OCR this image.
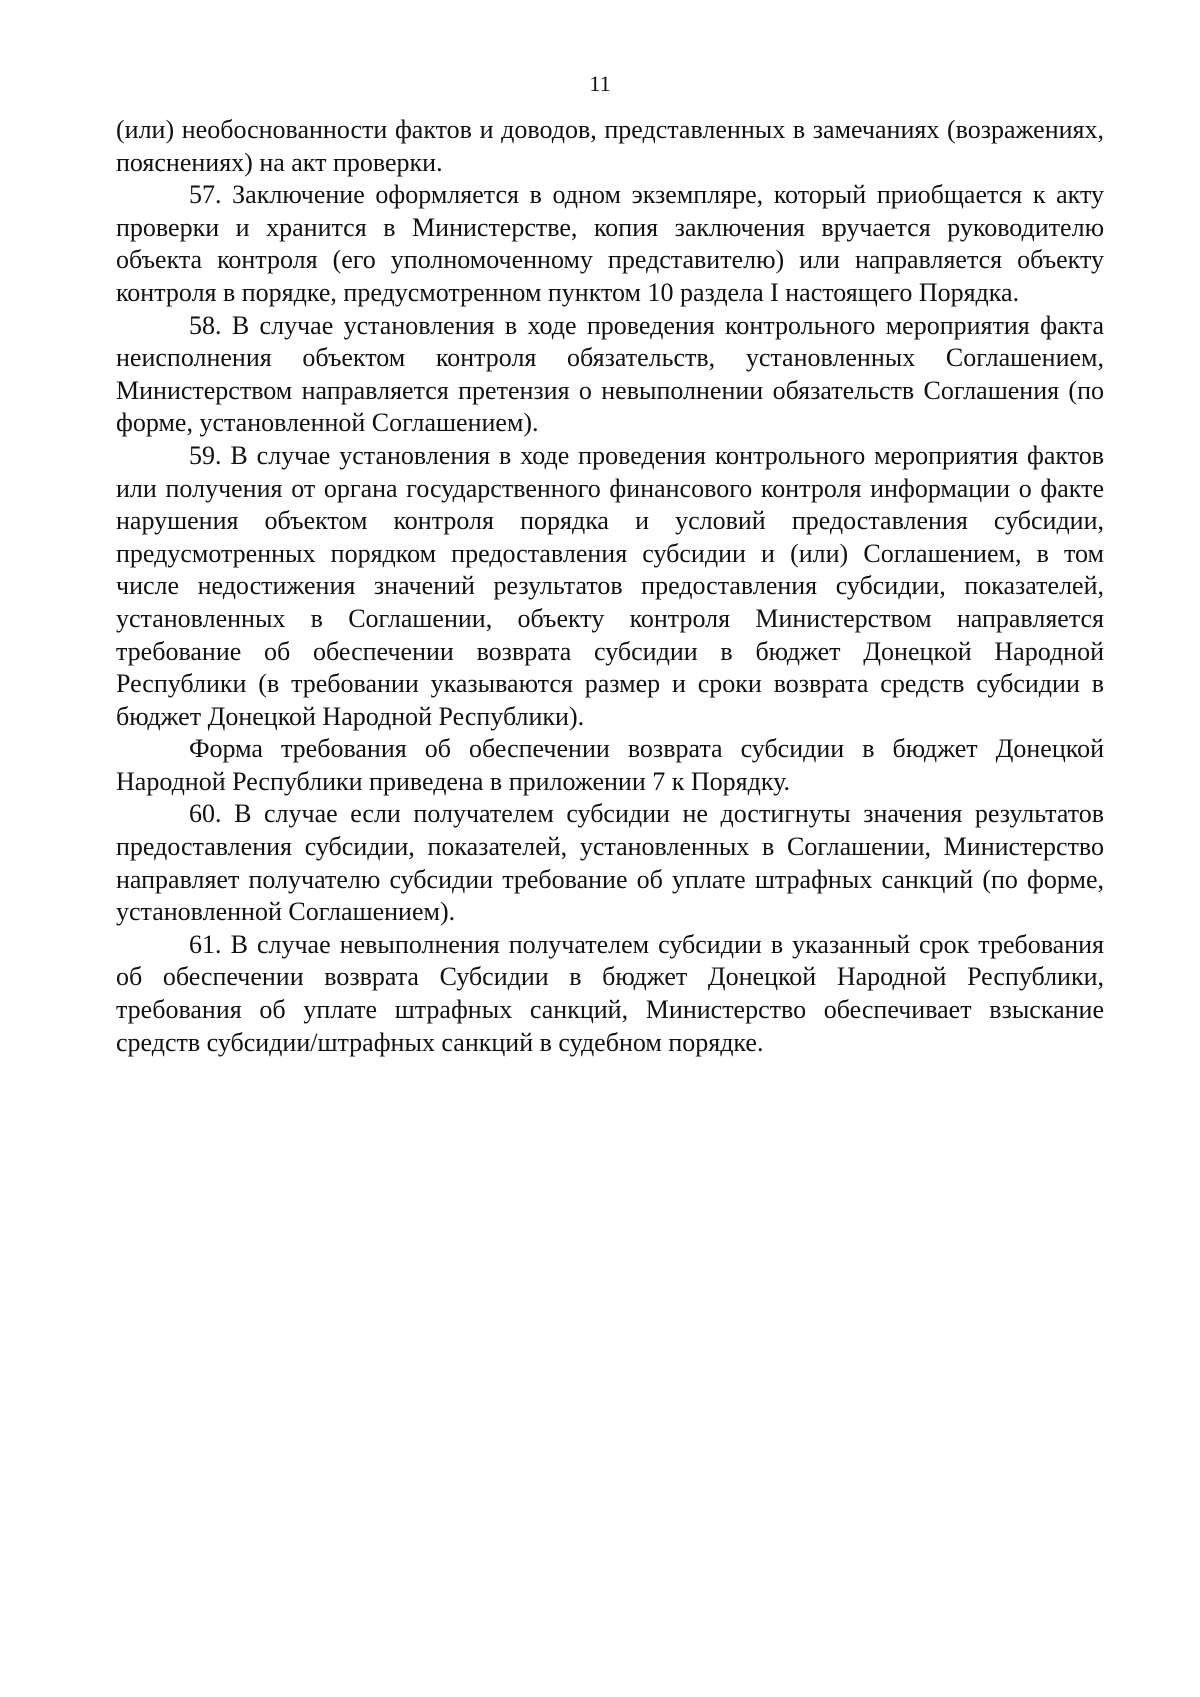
11

(или) необоснованности фактов и доводов, представленных в замечаниях (возражениях, пояснениях) на акт проверки.

57. Заключение оформляется в одном экземпляре, который приобщается к акту проверки и хранится в Министерстве, копия заключения вручается руководителю объекта контроля (его уполномоченному представителю) или направляется объекту контроля в порядке, предусмотренном пунктом 10 раздела I настоящего Порядка.

58. В случае установления в ходе проведения контрольного мероприятия факта неисполнения объектом контроля обязательств, установленных Соглашением, Министерством направляется претензия о невыполнении обязательств Соглашения (по форме, установленной Соглашением).

59. В случае установления в ходе проведения контрольного мероприятия фактов или получения от органа государственного финансового контроля информации о факте нарушения объектом контроля порядка и условий предоставления субсидии, предусмотренных порядком предоставления субсидии и (или) Соглашением, в том числе недостижения значений результатов предоставления субсидии, показателей, установленных в Соглашении, объекту контроля Министерством направляется требование об обеспечении возврата субсидии в бюджет Донецкой Народной Республики (в требовании указываются размер и сроки возврата средств субсидии в бюджет Донецкой Народной Республики).

Форма требования об обеспечении возврата субсидии в бюджет Донецкой Народной Республики приведена в приложении 7 к Порядку.

60. В случае если получателем субсидии не достигнуты значения результатов предоставления субсидии, показателей, установленных в Соглашении, Министерство направляет получателю субсидии требование об уплате штрафных санкций (по форме, установленной Соглашением).

61. В случае невыполнения получателем субсидии в указанный срок требования об обеспечении возврата Субсидии в бюджет Донецкой Народной Республики, требования об уплате штрафных санкций, Министерство обеспечивает взыскание средств субсидии/штрафных санкций в судебном порядке.
